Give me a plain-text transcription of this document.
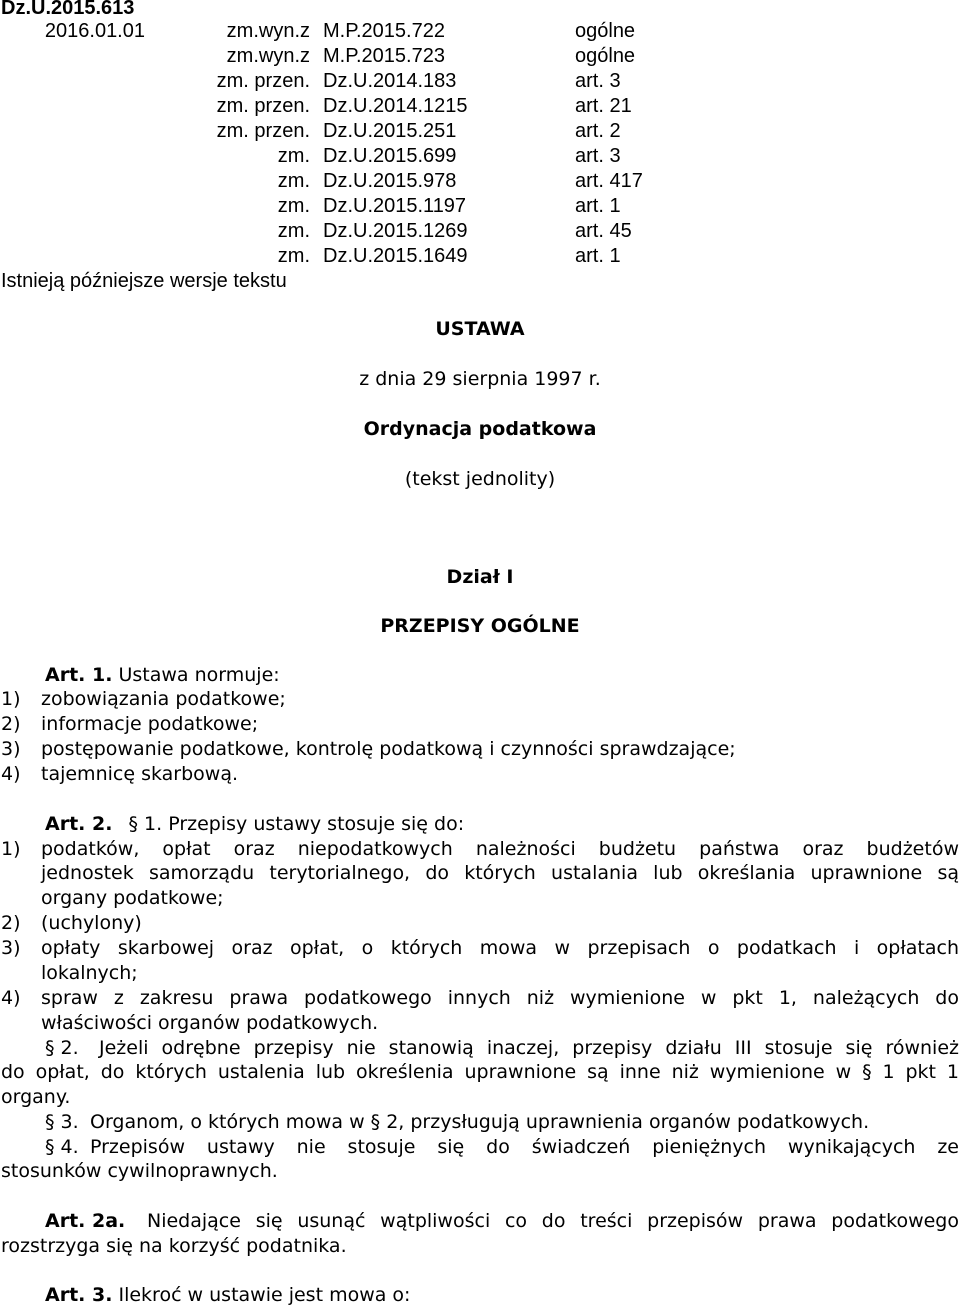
Dz.U.2015.613
2016.01.01	zm.wyn.z M.P.2015.722	ogólne
zm.wyn.z M.P.2015.723	ogólne
zm. przen. Dz.U.2014.183	art. 3
zm. przen. Dz.U.2014.1215	art. 21
zm. przen. Dz.U.2015.251	art. 2
zm. Dz.U.2015.699	art. 3
zm. Dz.U.2015.978	art. 417
zm. Dz.U.2015.1197	art. 1
zm. Dz.U.2015.1269	art. 45
zm. Dz.U.2015.1649	art. 1
Istnieją późniejsze wersje tekstu
USTAWA
z dnia 29 sierpnia 1997 r.
Ordynacja podatkowa
(tekst jednolity)
Dział I
PRZEPISY OGÓLNE
Art. 1. Ustawa normuje:
1) zobowiązania podatkowe;
2) informacje podatkowe;
3) postępowanie podatkowe, kontrolę podatkową i czynności sprawdzające;
4) tajemnicę skarbową.
Art. 2. § 1. Przepisy ustawy stosuje się do:
1) podatków, opłat oraz niepodatkowych należności budżetu państwa oraz budżetów
jednostek samorządu terytorialnego, do których ustalania lub określania uprawnione są
organy podatkowe;
2) (uchylony)
3) opłaty skarbowej oraz opłat, o których mowa w przepisach o podatkach i opłatach
lokalnych;
4) spraw z zakresu prawa podatkowego innych niż wymienione w pkt 1, należących do
właściwości organów podatkowych.
§ 2. Jeżeli odrębne przepisy nie stanowią inaczej, przepisy działu III stosuje się również
do opłat, do których ustalenia lub określenia uprawnione są inne niż wymienione w § 1 pkt 1
organy.
§ 3. Organom, o których mowa w § 2, przysługują uprawnienia organów podatkowych.
§ 4. Przepisów ustawy nie stosuje się do świadczeń pieniężnych wynikających ze
stosunków cywilnoprawnych.
Art. 2a. Niedające się usunąć wątpliwości co do treści przepisów prawa podatkowego
rozstrzyga się na korzyść podatnika.
Art. 3. Ilekroć w ustawie jest mowa o:
